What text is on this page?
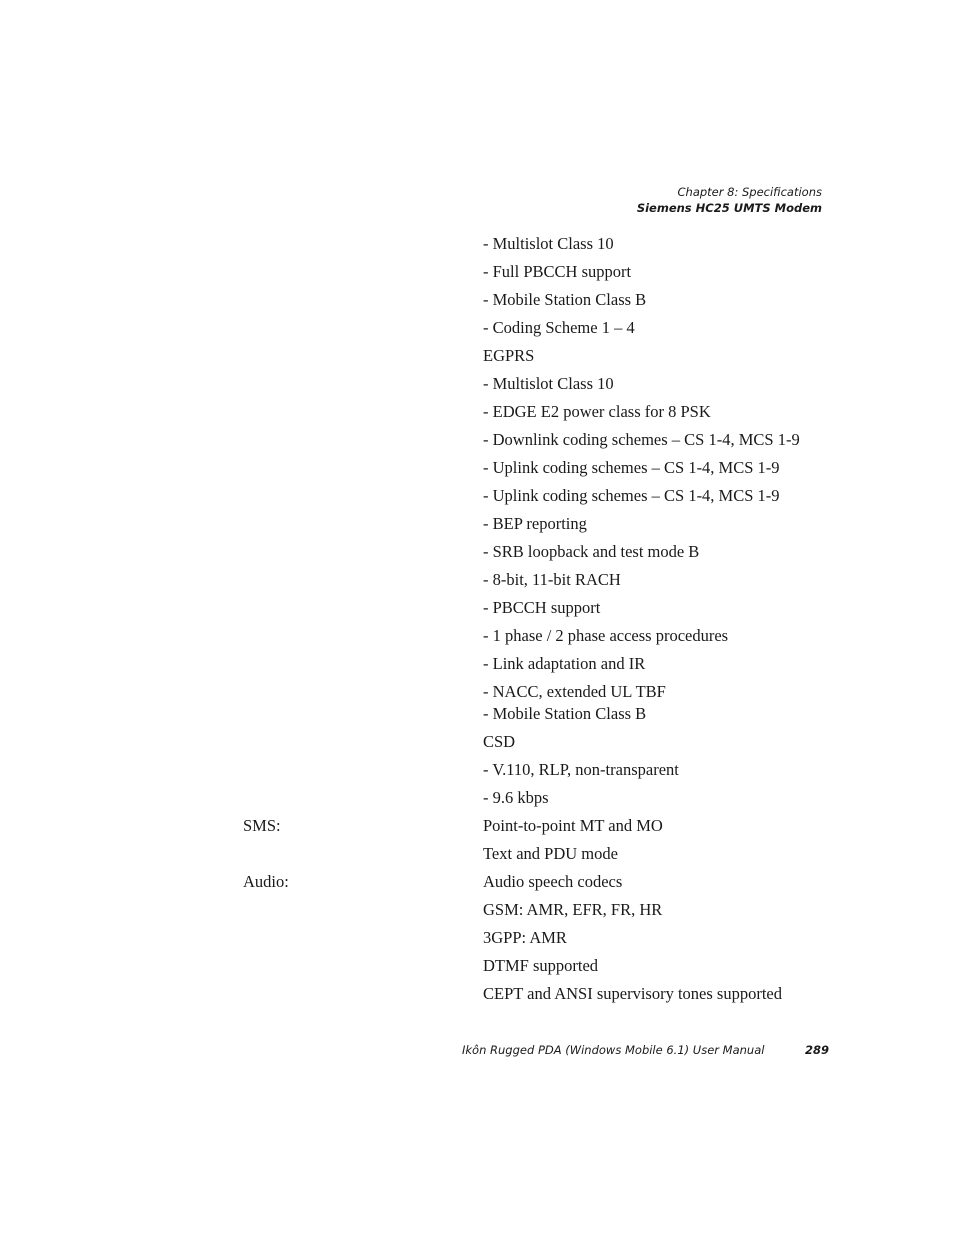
Chapter 8: Specifications
Siemens HC25 UMTS Modem
- Multislot Class 10
- Full PBCCH support
- Mobile Station Class B
- Coding Scheme 1 – 4
EGPRS
- Multislot Class 10
- EDGE E2 power class for 8 PSK
- Downlink coding schemes – CS 1-4, MCS 1-9
- Uplink coding schemes – CS 1-4, MCS 1-9
- Uplink coding schemes – CS 1-4, MCS 1-9
- BEP reporting
- SRB loopback and test mode B
- 8-bit, 11-bit RACH
- PBCCH support
- 1 phase / 2 phase access procedures
- Link adaptation and IR
- NACC, extended UL TBF
- Mobile Station Class B
CSD
- V.110, RLP, non-transparent
- 9.6 kbps
SMS:	Point-to-point MT and MO
Text and PDU mode
Audio:	Audio speech codecs
GSM: AMR, EFR, FR, HR
3GPP: AMR
DTMF supported
CEPT and ANSI supervisory tones supported
Ikôn Rugged PDA (Windows Mobile 6.1) User Manual	289
